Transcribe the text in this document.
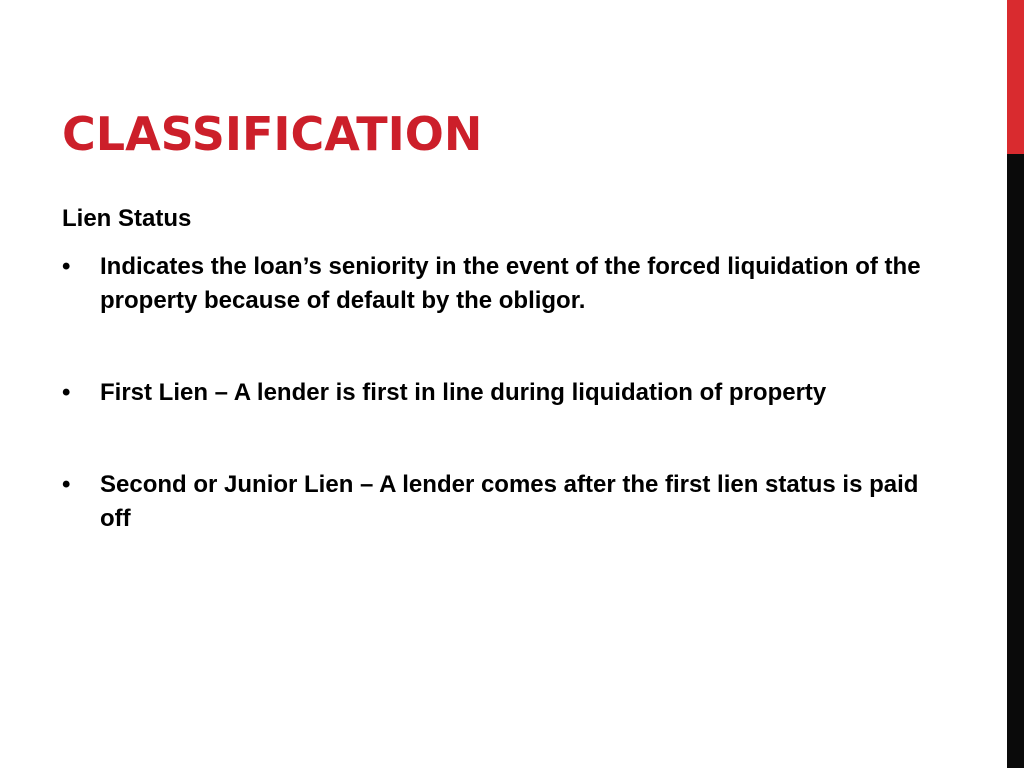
CLASSIFICATION

Lien Status

• Indicates the loan’s seniority in the event of the forced liquidation of the property because of default by the obligor.
• First Lien – A lender is first in line during liquidation of property
• Second or Junior Lien – A lender comes after the first lien status is paid off
